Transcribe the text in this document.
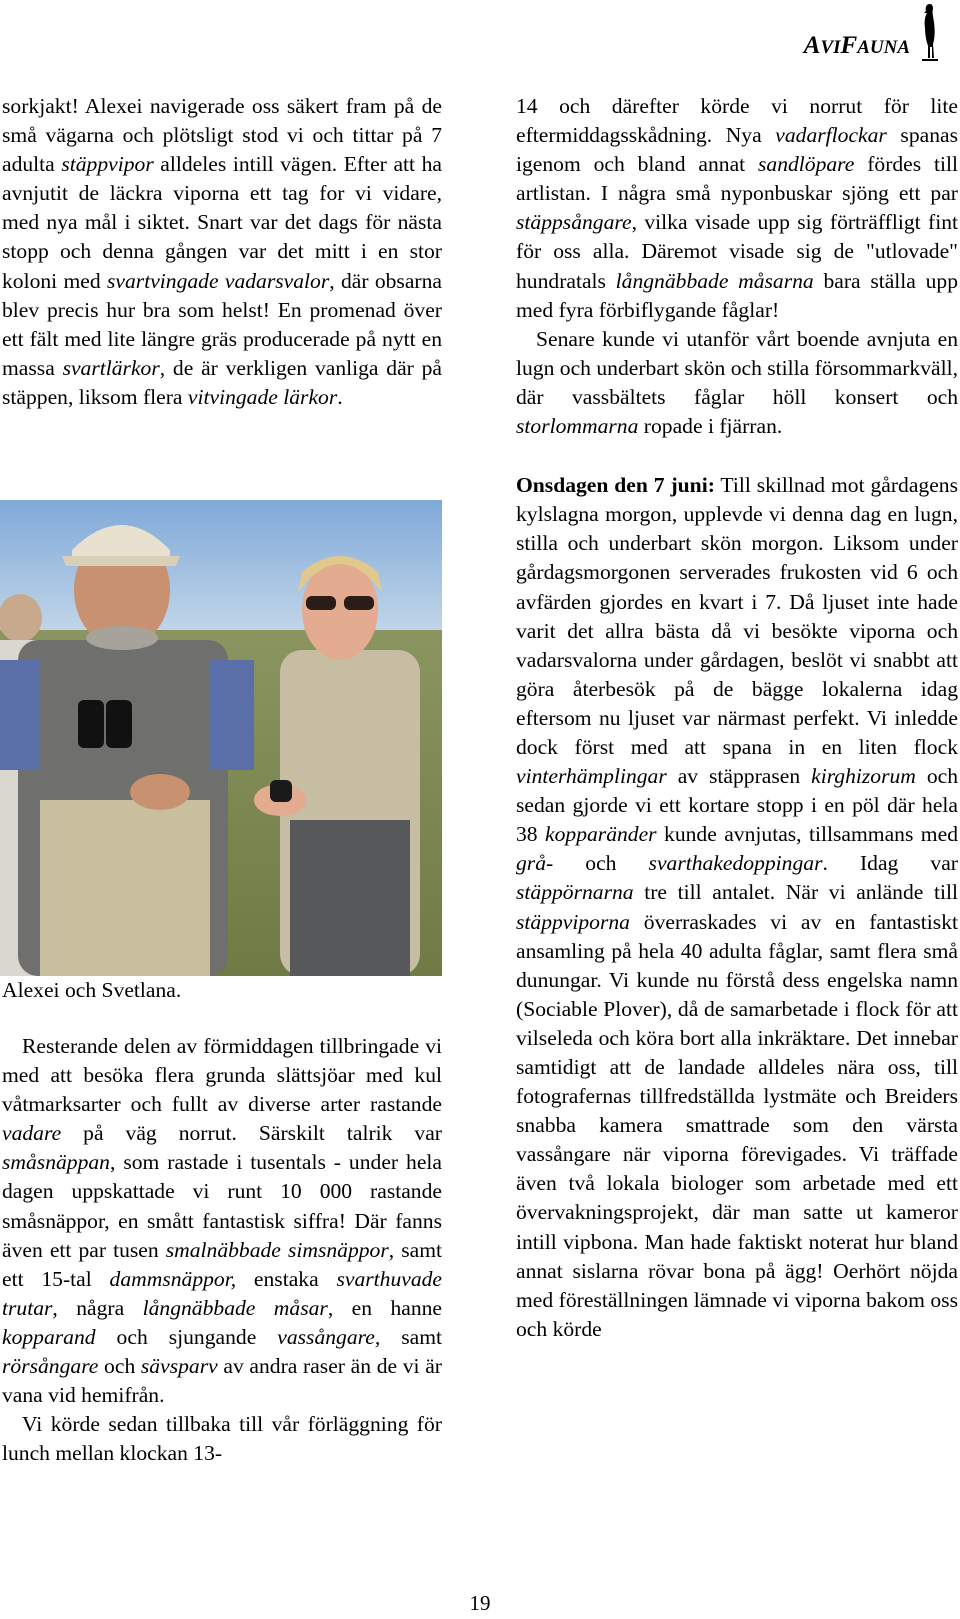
AVIFAUNA

sorkjakt! Alexei navigerade oss säkert fram på de små vägarna och plötsligt stod vi och tittar på 7 adulta stäppvipor alldeles intill vägen. Efter att ha avnjutit de läckra viporna ett tag for vi vidare, med nya mål i siktet. Snart var det dags för nästa stopp och denna gången var det mitt i en stor koloni med svartvingade vadarsvalor, där obsarna blev precis hur bra som helst! En promenad över ett fält med lite längre gräs producerade på nytt en massa svartlärkor, de är verkligen vanliga där på stäppen, liksom flera vitvingade lärkor.

Alexei och Svetlana.

Resterande delen av förmiddagen tillbringade vi med att besöka flera grunda slättsjöar med kul våtmarksarter och fullt av diverse arter rastande vadare på väg norrut. Särskilt talrik var småsnäppan, som rastade i tusentals - under hela dagen uppskattade vi runt 10 000 rastande småsnäppor, en smått fantastisk siffra! Där fanns även ett par tusen smalnäbbade simsnäppor, samt ett 15-tal dammsnäppor, enstaka svarthuvade trutar, några långnäbbade måsar, en hanne kopparand och sjungande vassångare, samt rörsångare och sävsparv av andra raser än de vi är vana vid hemifrån.

Vi körde sedan tillbaka till vår förläggning för lunch mellan klockan 13-

14 och därefter körde vi norrut för lite eftermiddagsskådning. Nya vadarflockar spanas igenom och bland annat sandlöpare fördes till artlistan. I några små nyponbuskar sjöng ett par stäppsångare, vilka visade upp sig förträffligt fint för oss alla. Däremot visade sig de "utlovade" hundratals långnäbbade måsarna bara ställa upp med fyra förbiflygande fåglar!

Senare kunde vi utanför vårt boende avnjuta en lugn och underbart skön och stilla försommarkväll, där vassbältets fåglar höll konsert och storlommarna ropade i fjärran.

Onsdagen den 7 juni: Till skillnad mot gårdagens kylslagna morgon, upplevde vi denna dag en lugn, stilla och underbart skön morgon. Liksom under gårdagsmorgonen serverades frukosten vid 6 och avfärden gjordes en kvart i 7. Då ljuset inte hade varit det allra bästa då vi besökte viporna och vadarsvalorna under gårdagen, beslöt vi snabbt att göra återbesök på de bägge lokalerna idag eftersom nu ljuset var närmast perfekt. Vi inledde dock först med att spana in en liten flock vinterhämplingar av stäpprasen kirghizorum och sedan gjorde vi ett kortare stopp i en pöl där hela 38 kopparänder kunde avnjutas, tillsammans med grå- och svarthakedoppingar. Idag var stäppörnarna tre till antalet. När vi anlände till stäppviporna överraskades vi av en fantastiskt ansamling på hela 40 adulta fåglar, samt flera små dunungar. Vi kunde nu förstå dess engelska namn (Sociable Plover), då de samarbetade i flock för att vilseleda och köra bort alla inkräktare. Det innebar samtidigt att de landade alldeles nära oss, till fotografernas tillfredställda lystmäte och Breiders snabba kamera smattrade som den värsta vassångare när viporna förevigades. Vi träffade även två lokala biologer som arbetade med ett övervakningsprojekt, där man satte ut kameror intill vipbona. Man hade faktiskt noterat hur bland annat sislarna rövar bona på ägg! Oerhört nöjda med föreställningen lämnade vi viporna bakom oss och körde

19
